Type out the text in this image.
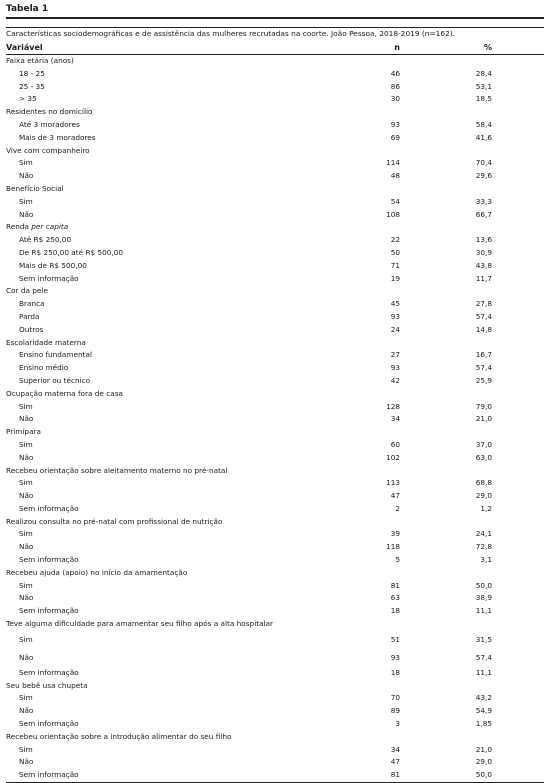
Tabela 1
Características sociodemográficas e de assistência das mulheres recrutadas na coorte. João Pessoa, 2018-2019 (n=162).
Variável	n	%
Faixa etária (anos)		
18 - 25	46	28,4
25 - 35	86	53,1
> 35	30	18,5
Residentes no domicílio		
Até 3 moradores	93	58,4
Mais de 3 moradores	69	41,6
Vive com companheiro		
Sim	114	70,4
Não	48	29,6
Benefício Social		
Sim	54	33,3
Não	108	66,7
Renda per capita		
Até R$ 250,00	22	13,6
De R$ 250,00 até R$ 500,00	50	30,9
Mais de R$ 500,00	71	43,8
Sem informação	19	11,7
Cor da pele		
Branca	45	27,8
Parda	93	57,4
Outros	24	14,8
Escolaridade materna		
Ensino fundamental	27	16,7
Ensino médio	93	57,4
Superior ou técnico	42	25,9
Ocupação materna fora de casa		
Sim	128	79,0
Não	34	21,0
Primípara		
Sim	60	37,0
Não	102	63,0
Recebeu orientação sobre aleitamento materno no pré-natal		
Sim	113	68,8
Não	47	29,0
Sem informação	2	1,2
Realizou consulta no pré-natal com profissional de nutrição		
Sim	39	24,1
Não	118	72,8
Sem informação	5	3,1
Recebeu ajuda (apoio) no início da amamentação		
Sim	81	50,0
Não	63	38,9
Sem informação	18	11,1
Teve alguma dificuldade para amamentar seu filho após a alta hospitalar		
Sim	51	31,5
Não	93	57,4
Sem informação	18	11,1
Seu bebê usa chupeta		
Sim	70	43,2
Não	89	54,9
Sem informação	3	1,85
Recebeu orientação sobre a introdução alimentar do seu filho		
Sim	34	21,0
Não	47	29,0
Sem informação	81	50,0
